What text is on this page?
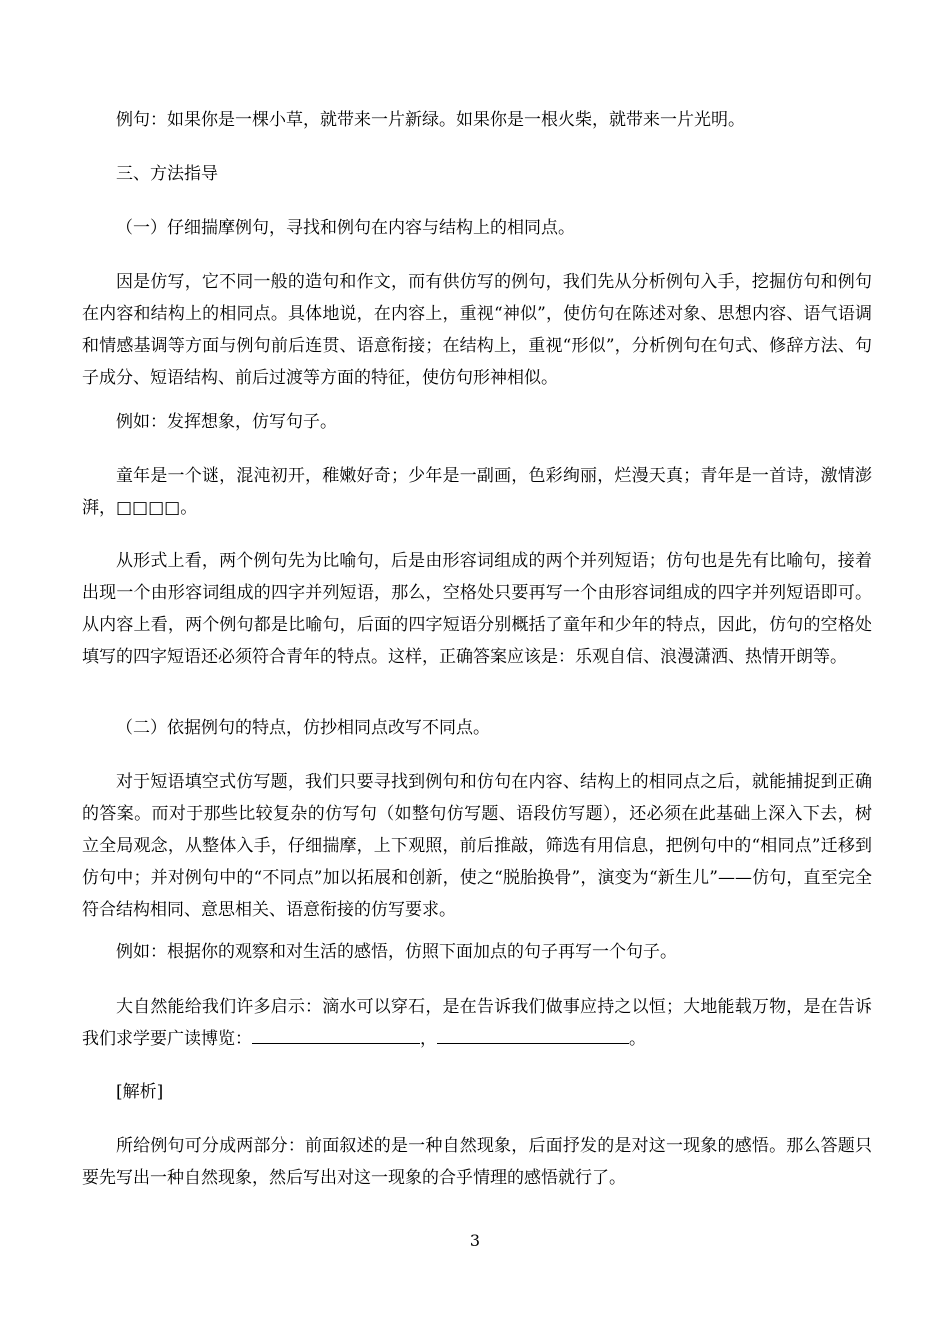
例句：如果你是一棵小草，就带来一片新绿。如果你是一根火柴，就带来一片光明。

三、方法指导

（一）仔细揣摩例句，寻找和例句在内容与结构上的相同点。

因是仿写，它不同一般的造句和作文，而有供仿写的例句，我们先从分析例句入手，挖掘仿句和例句在内容和结构上的相同点。具体地说，在内容上，重视“神似”，使仿句在陈述对象、思想内容、语气语调和情感基调等方面与例句前后连贯、语意衔接；在结构上，重视“形似”，分析例句在句式、修辞方法、句子成分、短语结构、前后过渡等方面的特征，使仿句形神相似。

例如：发挥想象，仿写句子。

童年是一个谜，混沌初开，稚嫩好奇；少年是一副画，色彩绚丽，烂漫天真；青年是一首诗，激情澎湃，□□□□。

从形式上看，两个例句先为比喻句，后是由形容词组成的两个并列短语；仿句也是先有比喻句，接着出现一个由形容词组成的四字并列短语，那么，空格处只要再写一个由形容词组成的四字并列短语即可。从内容上看，两个例句都是比喻句，后面的四字短语分别概括了童年和少年的特点，因此，仿句的空格处填写的四字短语还必须符合青年的特点。这样，正确答案应该是：乐观自信、浪漫潇洒、热情开朗等。

（二）依据例句的特点，仿抄相同点改写不同点。

对于短语填空式仿写题，我们只要寻找到例句和仿句在内容、结构上的相同点之后，就能捕捉到正确的答案。而对于那些比较复杂的仿写句（如整句仿写题、语段仿写题），还必须在此基础上深入下去，树立全局观念，从整体入手，仔细揣摩，上下观照，前后推敲，筛选有用信息，把例句中的“相同点”迁移到仿句中；并对例句中的“不同点”加以拓展和创新，使之“脱胎换骨”，演变为“新生儿”——仿句，直至完全符合结构相同、意思相关、语意衔接的仿写要求。

例如：根据你的观察和对生活的感悟，仿照下面加点的句子再写一个句子。

大自然能给我们许多启示：滴水可以穿石，是在告诉我们做事应持之以恒；大地能载万物，是在告诉我们求学要广读博览：	，	。

[解析]

所给例句可分成两部分：前面叙述的是一种自然现象，后面抒发的是对这一现象的感悟。那么答题只要先写出一种自然现象，然后写出对这一现象的合乎情理的感悟就行了。

3
